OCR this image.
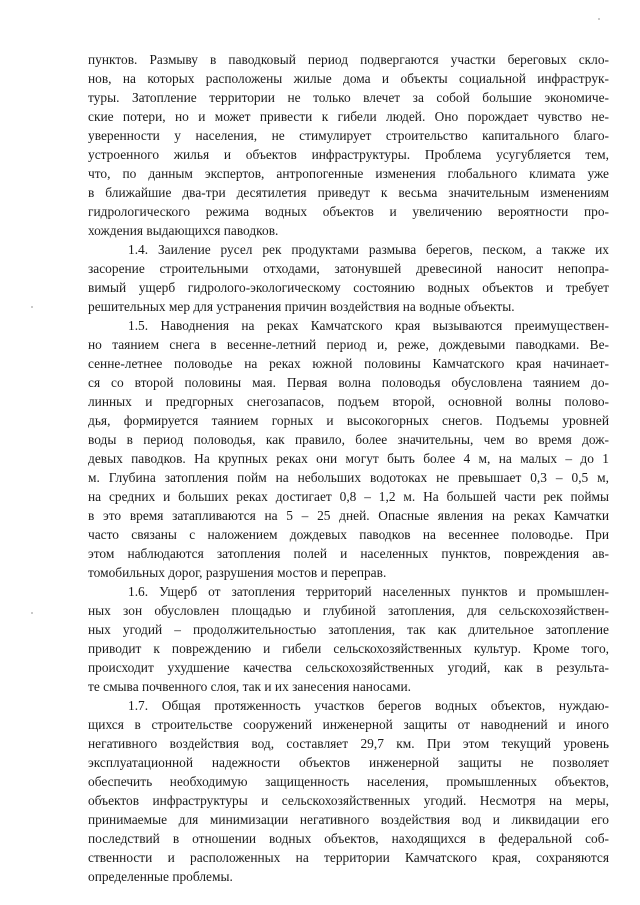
пунктов. Размыву в паводковый период подвергаются участки береговых скло-
нов, на которых расположены жилые дома и объекты социальной инфраструк-
туры. Затопление территории не только влечет за собой большие экономиче-
ские потери, но и может привести к гибели людей. Оно порождает чувство не-
уверенности у населения, не стимулирует строительство капитального благо-
устроенного жилья и объектов инфраструктуры. Проблема усугубляется тем,
что, по данным экспертов, антропогенные изменения глобального климата уже
в ближайшие два-три десятилетия приведут к весьма значительным изменениям
гидрологического режима водных объектов и увеличению вероятности про-
хождения выдающихся паводков.
1.4. Заиление русел рек продуктами размыва берегов, песком, а также их
засорение строительными отходами, затонувшей древесиной наносит непопра-
вимый ущерб гидролого-экологическому состоянию водных объектов и требует
решительных мер для устранения причин воздействия на водные объекты.
1.5. Наводнения на реках Камчатского края вызываются преимуществен-
но таянием снега в весенне-летний период и, реже, дождевыми паводками. Ве-
сенне-летнее половодье на реках южной половины Камчатского края начинает-
ся со второй половины мая. Первая волна половодья обусловлена таянием до-
линных и предгорных снегозапасов, подъем второй, основной волны полово-
дья, формируется таянием горных и высокогорных снегов. Подъемы уровней
воды в период половодья, как правило, более значительны, чем во время дож-
девых паводков. На крупных реках они могут быть более 4 м, на малых – до 1
м. Глубина затопления пойм на небольших водотоках не превышает 0,3 – 0,5 м,
на средних и больших реках достигает 0,8 – 1,2 м. На большей части рек поймы
в это время затапливаются на 5 – 25 дней. Опасные явления на реках Камчатки
часто связаны с наложением дождевых паводков на весеннее половодье. При
этом наблюдаются затопления полей и населенных пунктов, повреждения ав-
томобильных дорог, разрушения мостов и переправ.
1.6. Ущерб от затопления территорий населенных пунктов и промышлен-
ных зон обусловлен площадью и глубиной затопления, для сельскохозяйствен-
ных угодий – продолжительностью затопления, так как длительное затопление
приводит к повреждению и гибели сельскохозяйственных культур. Кроме того,
происходит ухудшение качества сельскохозяйственных угодий, как в результа-
те смыва почвенного слоя, так и их занесения наносами.
1.7. Общая протяженность участков берегов водных объектов, нуждаю-
щихся в строительстве сооружений инженерной защиты от наводнений и иного
негативного воздействия вод, составляет 29,7 км. При этом текущий уровень
эксплуатационной надежности объектов инженерной защиты не позволяет
обеспечить необходимую защищенность населения, промышленных объектов,
объектов инфраструктуры и сельскохозяйственных угодий. Несмотря на меры,
принимаемые для минимизации негативного воздействия вод и ликвидации его
последствий в отношении водных объектов, находящихся в федеральной соб-
ственности и расположенных на территории Камчатского края, сохраняются
определенные проблемы.
